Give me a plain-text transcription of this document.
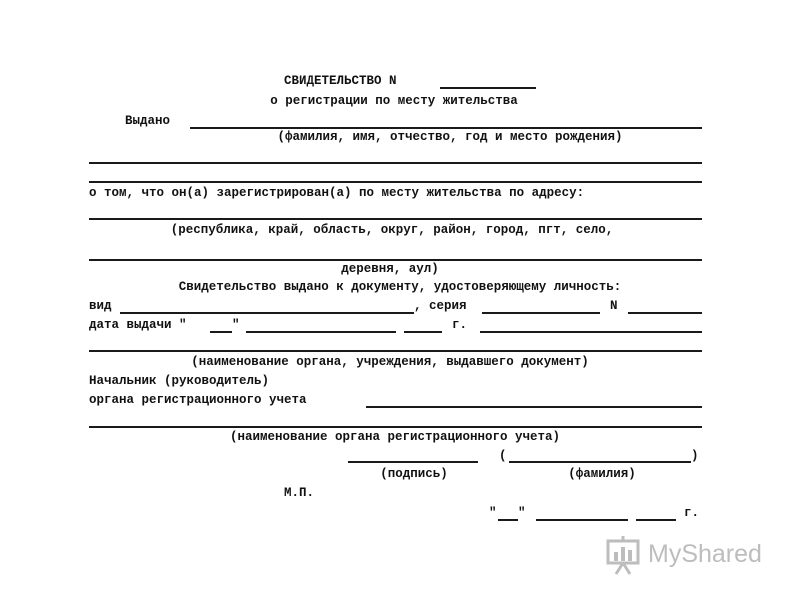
СВИДЕТЕЛЬСТВО N
о регистрации по месту жительства
Выдано
(фамилия, имя, отчество, год и место рождения)
о том, что он(а) зарегистрирован(а) по месту жительства по адресу:
(республика, край, область, округ, район, город, пгт, село,
деревня, аул)
Свидетельство выдано к документу, удостоверяющему личность:
вид	, серия	N
дата выдачи "	"	г.
(наименование органа, учреждения, выдавшего документ)
Начальник (руководитель)
органа регистрационного учета
(наименование органа регистрационного учета)
(	)
(подпись)	(фамилия)
М.П.
" "	г.
MyShared
